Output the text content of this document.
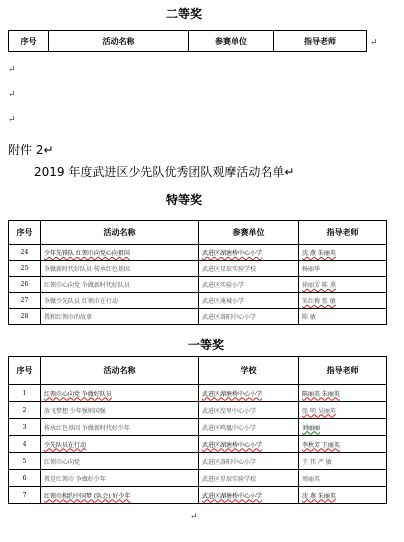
二等奖
序号	活动名称	参赛单位	指导老师	↵
↵
↵
↵
附件 2↵
2019 年度武进区少先队优秀团队观摩活动名单↵
特等奖
序号	活动名称	参赛单位	指导老师
24	少年先锋队 红领巾向党心向祖国	武进区湖塘桥中心小学	沈 燕 朱丽英
25	争做新时代好队员 传承红色基因	武进区星辰实验学校	杨丽华
26	红领巾心向党 争做新时代好队员	武进区实验小学	徐丽芳 陈 燕
27	争做少先队员 红领巾在行动	武进区淹城小学	朱红梅 张 敏
28	我和红领巾的故事	武进区洛阳中心小学	陈 敏
一等奖
序号	活动名称	学校	指导老师
1	红领巾心向党 争做好队员	武进区湖塘桥中心小学	陈丽英 朱丽英
2	放飞梦想 少年强则国强	武进区湟里中心小学	张 明 吴丽英
3	传承红色基因 争做新时代好少年	武进区鸣凰中心小学	刘丽丽
4	少先队员在行动	武进区湖塘桥中心小学	李秋芳 王丽英
5	红领巾心向党	武进区洛阳中心小学	王 伟 严 敏
6	我是红领巾 争做好少年	武进区星辰实验学校	周丽英
7	红领巾相约中国梦 (队会) 好少年	武进区湖塘桥中心小学	沈 燕 朱丽英
↵
